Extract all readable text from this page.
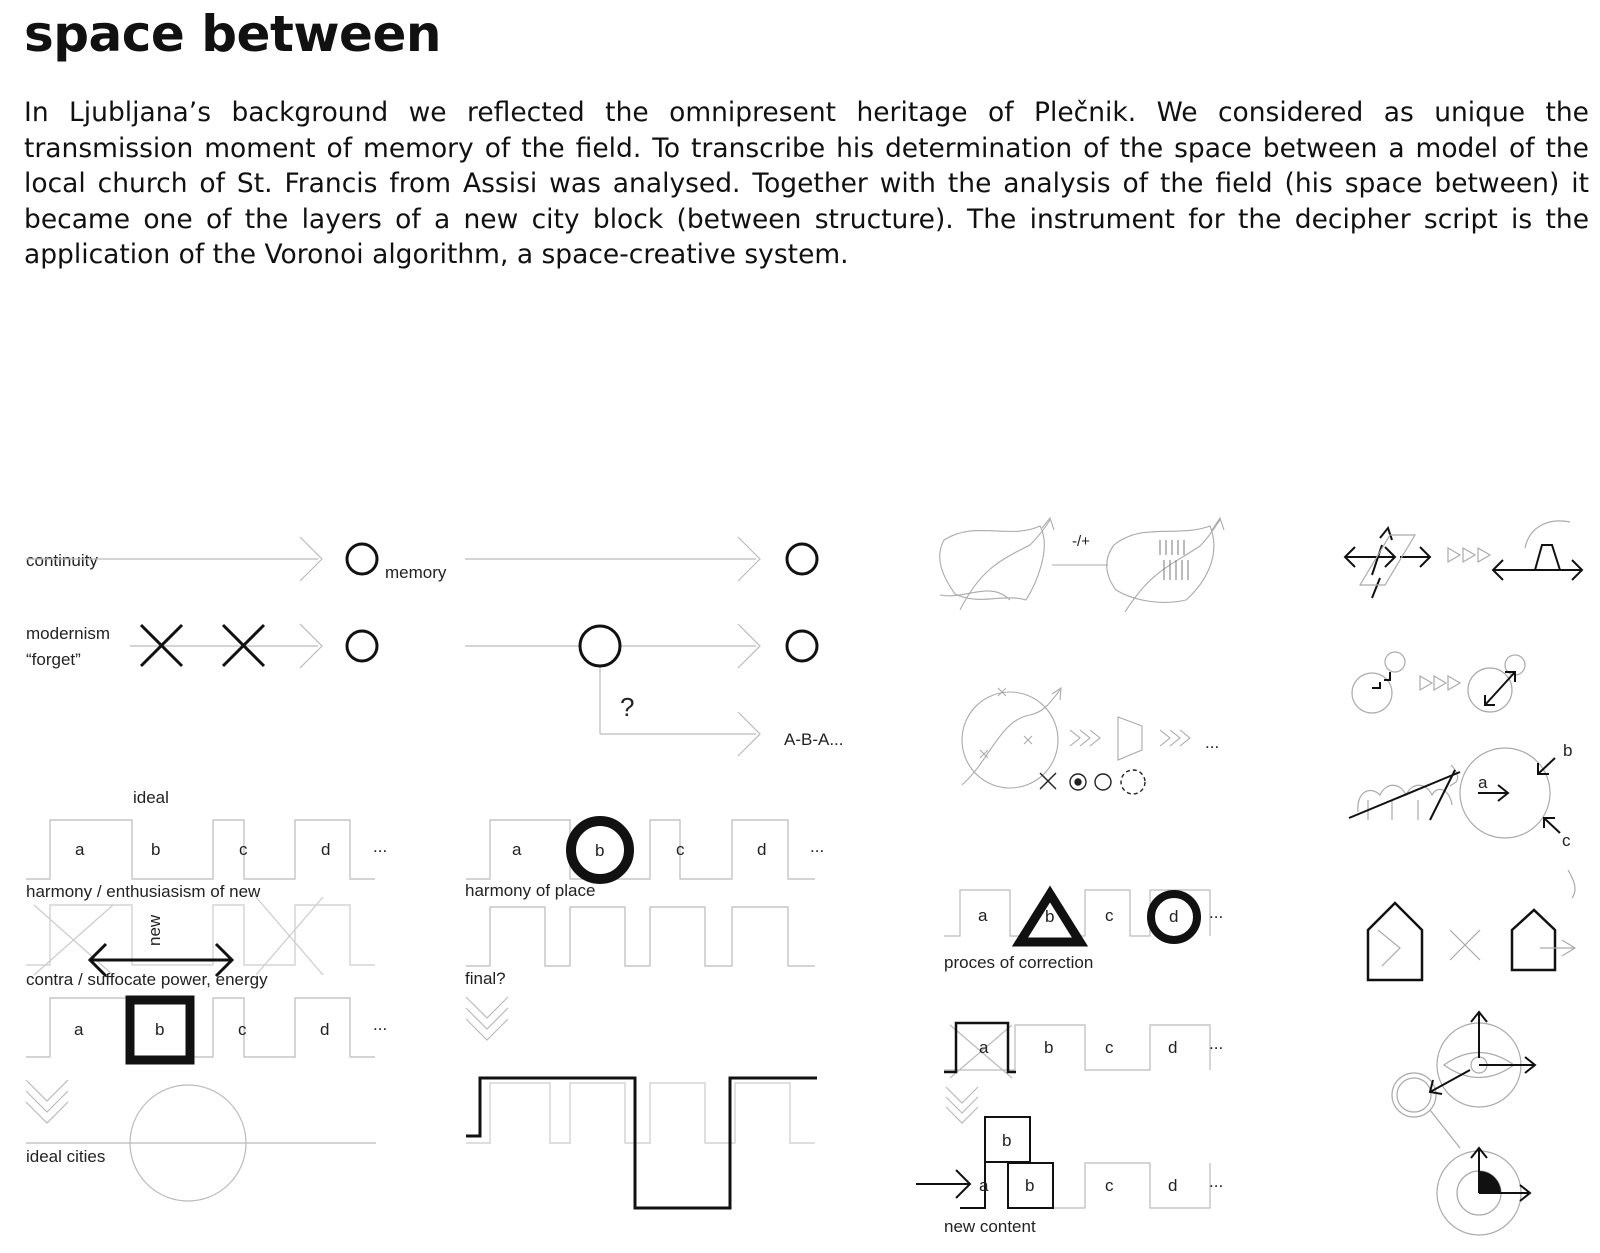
space between

In Ljubljana’s background we reflected the omnipresent heritage of Plečnik. We considered as unique the transmission moment of memory of the field. To transcribe his determination of the space between a model of the local church of St. Francis from Assisi was analysed. Together with the analysis of the field (his space between) it became one of the layers of a new city block (between structure). The instrument for the decipher script is the application of the Voronoi algorithm, a space-creative system.

continuity
memory
modernism
“forget”
ideal
a	b	c	d	...
harmony / enthusiasism of new
new
contra / suffocate power, energy
a	b	c	d	...
ideal cities
?
A-B-A...
a	b	c	d	...
harmony of place
final?
-/+
...
a	b	c	d ...
proces of correction
a	b	c	d ...
b
a b	c	d ...
new content
a
b
c
